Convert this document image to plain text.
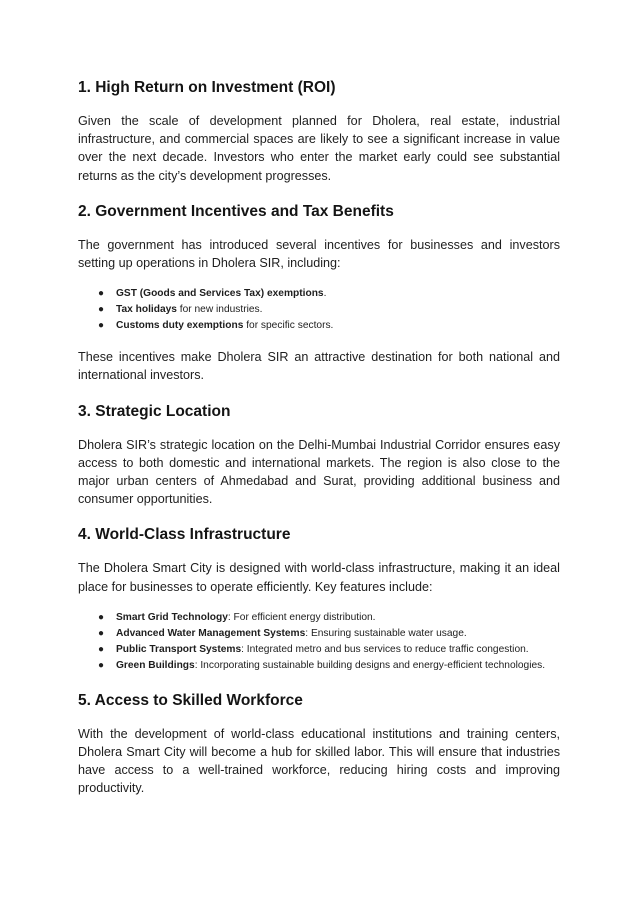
1. High Return on Investment (ROI)

Given the scale of development planned for Dholera, real estate, industrial infrastructure, and commercial spaces are likely to see a significant increase in value over the next decade. Investors who enter the market early could see substantial returns as the city’s development progresses.

2. Government Incentives and Tax Benefits

The government has introduced several incentives for businesses and investors setting up operations in Dholera SIR, including:

● GST (Goods and Services Tax) exemptions.
● Tax holidays for new industries.
● Customs duty exemptions for specific sectors.

These incentives make Dholera SIR an attractive destination for both national and international investors.

3. Strategic Location

Dholera SIR’s strategic location on the Delhi-Mumbai Industrial Corridor ensures easy access to both domestic and international markets. The region is also close to the major urban centers of Ahmedabad and Surat, providing additional business and consumer opportunities.

4. World-Class Infrastructure

The Dholera Smart City is designed with world-class infrastructure, making it an ideal place for businesses to operate efficiently. Key features include:

● Smart Grid Technology: For efficient energy distribution.
● Advanced Water Management Systems: Ensuring sustainable water usage.
● Public Transport Systems: Integrated metro and bus services to reduce traffic congestion.
● Green Buildings: Incorporating sustainable building designs and energy-efficient technologies.
5. Access to Skilled Workforce

With the development of world-class educational institutions and training centers, Dholera Smart City will become a hub for skilled labor. This will ensure that industries have access to a well-trained workforce, reducing hiring costs and improving productivity.
